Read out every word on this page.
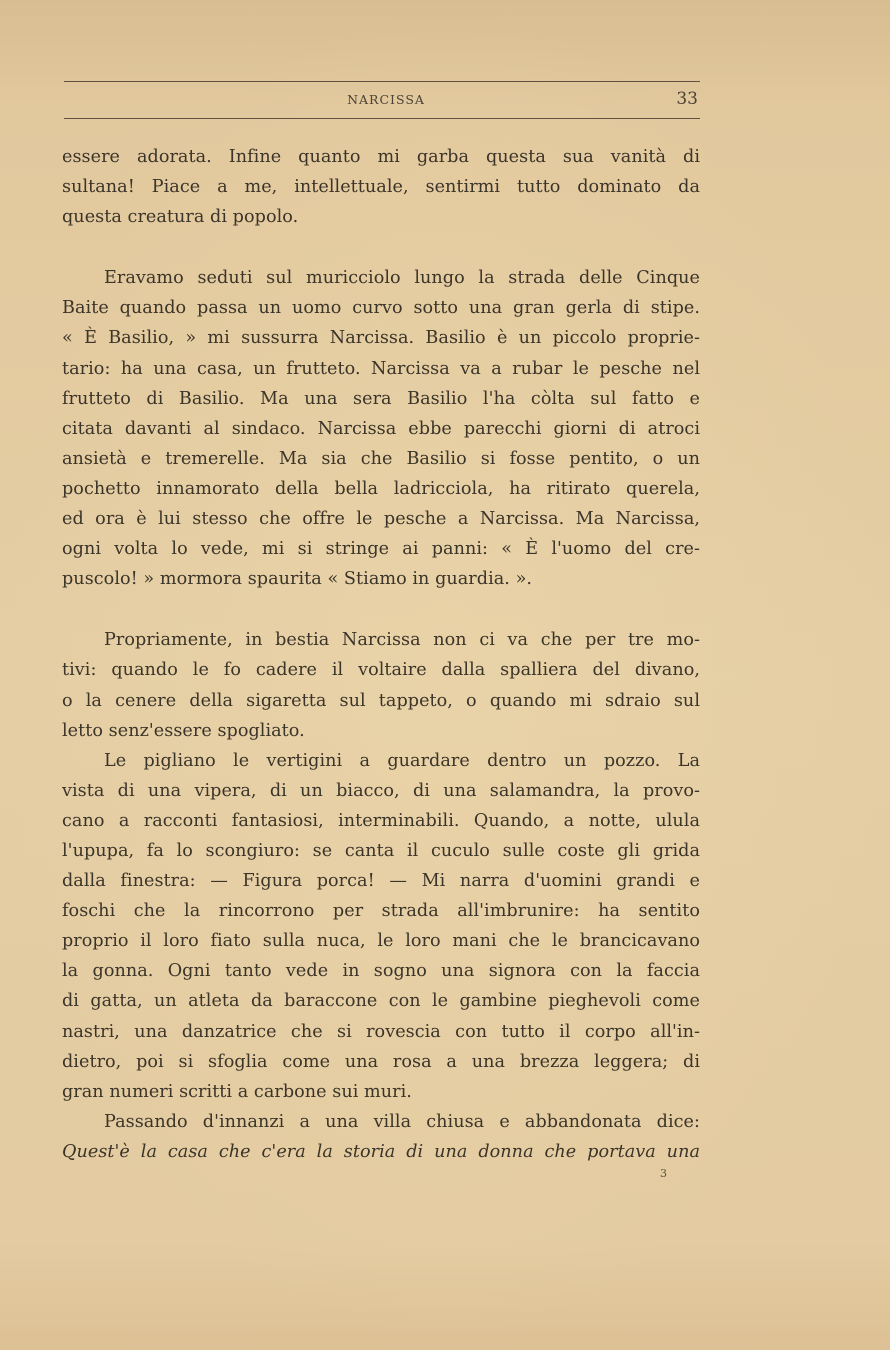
NARCISSA	33
essere adorata. Infine quanto mi garba questa sua vanità di
sultana! Piace a me, intellettuale, sentirmi tutto dominato da
questa creatura di popolo.
Eravamo seduti sul muricciolo lungo la strada delle Cinque
Baite quando passa un uomo curvo sotto una gran gerla di stipe.
« È Basilio, » mi sussurra Narcissa. Basilio è un piccolo proprie-
tario: ha una casa, un frutteto. Narcissa va a rubar le pesche nel
frutteto di Basilio. Ma una sera Basilio l'ha còlta sul fatto e
citata davanti al sindaco. Narcissa ebbe parecchi giorni di atroci
ansietà e tremerelle. Ma sia che Basilio si fosse pentito, o un
pochetto innamorato della bella ladricciola, ha ritirato querela,
ed ora è lui stesso che offre le pesche a Narcissa. Ma Narcissa,
ogni volta lo vede, mi si stringe ai panni: « È l'uomo del cre-
puscolo! » mormora spaurita « Stiamo in guardia. ».
Propriamente, in bestia Narcissa non ci va che per tre mo-
tivi: quando le fo cadere il voltaire dalla spalliera del divano,
o la cenere della sigaretta sul tappeto, o quando mi sdraio sul
letto senz'essere spogliato.
Le pigliano le vertigini a guardare dentro un pozzo. La
vista di una vipera, di un biacco, di una salamandra, la provo-
cano a racconti fantasiosi, interminabili. Quando, a notte, ulula
l'upupa, fa lo scongiuro: se canta il cuculo sulle coste gli grida
dalla finestra: — Figura porca! — Mi narra d'uomini grandi e
foschi che la rincorrono per strada all'imbrunire: ha sentito
proprio il loro fiato sulla nuca, le loro mani che le brancicavano
la gonna. Ogni tanto vede in sogno una signora con la faccia
di gatta, un atleta da baraccone con le gambine pieghevoli come
nastri, una danzatrice che si rovescia con tutto il corpo all'in-
dietro, poi si sfoglia come una rosa a una brezza leggera; di
gran numeri scritti a carbone sui muri.
Passando d'innanzi a una villa chiusa e abbandonata dice:
Quest'è la casa che c'era la storia di una donna che portava una
3
